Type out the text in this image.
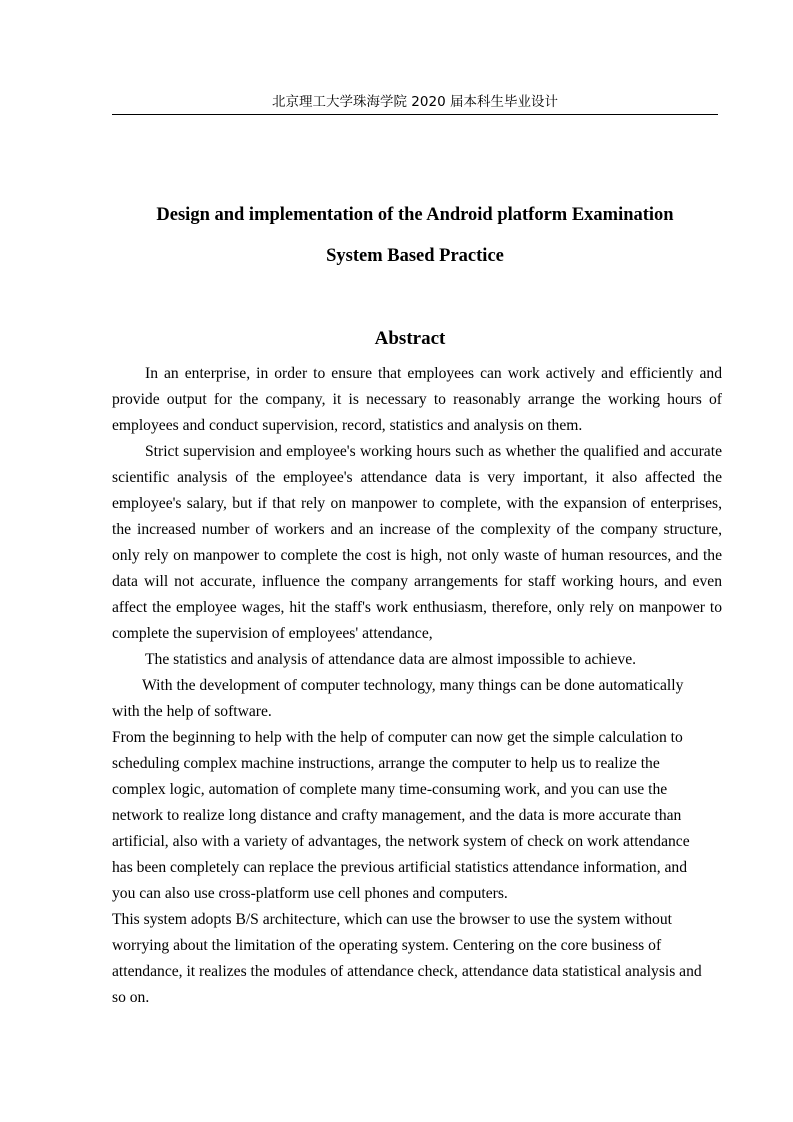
北京理工大学珠海学院 2020 届本科生毕业设计
Design and implementation of the Android platform Examination
System Based Practice
Abstract

In an enterprise, in order to ensure that employees can work actively and efficiently and provide output for the company, it is necessary to reasonably arrange the working hours of employees and conduct supervision, record, statistics and analysis on them.

Strict supervision and employee's working hours such as whether the qualified and accurate scientific analysis of the employee's attendance data is very important, it also affected the employee's salary, but if that rely on manpower to complete, with the expansion of enterprises, the increased number of workers and an increase of the complexity of the company structure, only rely on manpower to complete the cost is high, not only waste of human resources, and the data will not accurate, influence the company arrangements for staff working hours, and even affect the employee wages, hit the staff's work enthusiasm, therefore, only rely on manpower to complete the supervision of employees' attendance,

The statistics and analysis of attendance data are almost impossible to achieve.

With the development of computer technology, many things can be done automatically with the help of software.

From the beginning to help with the help of computer can now get the simple calculation to scheduling complex machine instructions, arrange the computer to help us to realize the complex logic, automation of complete many time-consuming work, and you can use the network to realize long distance and crafty management, and the data is more accurate than artificial, also with a variety of advantages, the network system of check on work attendance has been completely can replace the previous artificial statistics attendance information, and you can also use cross-platform use cell phones and computers.

This system adopts B/S architecture, which can use the browser to use the system without worrying about the limitation of the operating system. Centering on the core business of attendance, it realizes the modules of attendance check, attendance data statistical analysis and so on.
